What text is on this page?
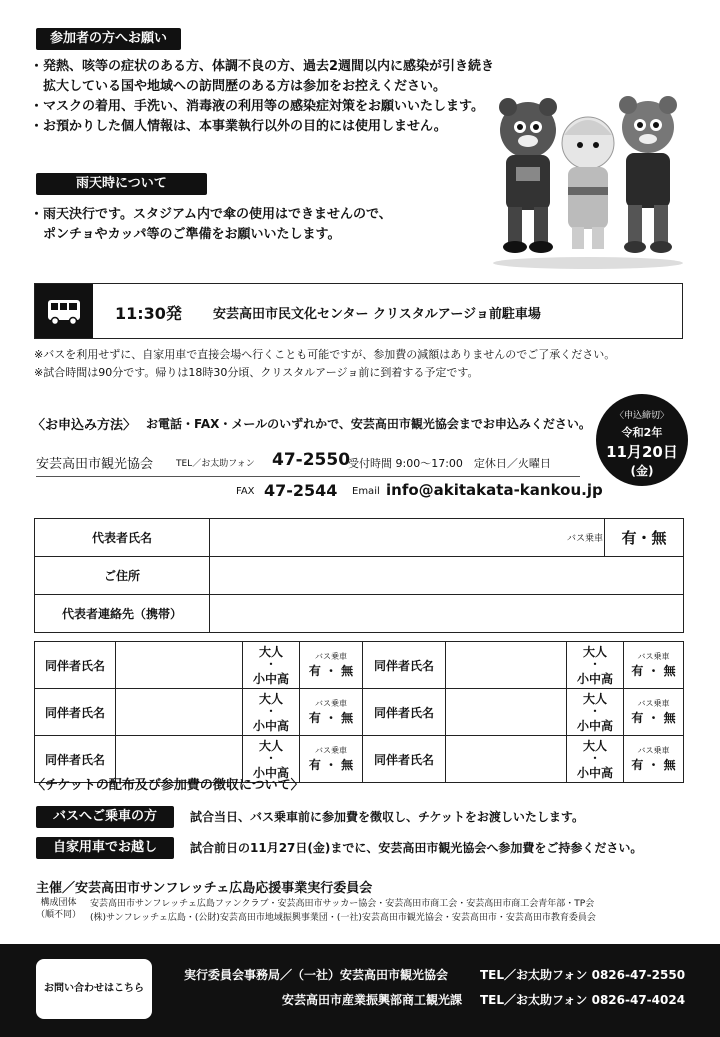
参加者の方へお願い
・発熱、咳等の症状のある方、体調不良の方、過去2週間以内に感染が引き続き
　拡大している国や地域への訪問歴のある方は参加をお控えください。
・マスクの着用、手洗い、消毒液の利用等の感染症対策をお願いいたします。
・お預かりした個人情報は、本事業執行以外の目的には使用しません。
雨天時について
・雨天決行です。スタジアム内で傘の使用はできませんので、
　ポンチョやカッパ等のご準備をお願いいたします。
11:30発 安芸高田市民文化センター クリスタルアージョ前駐車場
※バスを利用せずに、自家用車で直接会場へ行くことも可能ですが、参加費の減額はありませんのでご了承ください。
※試合時間は90分です。帰りは18時30分頃、クリスタルアージョ前に到着する予定です。
〈お申込み方法〉 お電話・FAX・メールのいずれかで、安芸高田市観光協会までお申込みください。
安芸高田市観光協会	TEL／お太助フォン 47-2550
受付時間 9:00〜17:00　定休日／火曜日
FAX 47-2544 Email info@akitakata-kankou.jp
〈申込締切〉
令和2年
11月20日
(金)
代表者氏名		バス乗車	有・無
ご住所			
代表者連絡先（携帯）			
同伴者氏名		大人
•
小中高	バス乗車
有 ・ 無	同伴者氏名		大人
•
小中高	バス乗車
有 ・ 無
同伴者氏名		大人
•
小中高	バス乗車
有 ・ 無	同伴者氏名		大人
•
小中高	バス乗車
有 ・ 無
同伴者氏名		大人
•
小中高	バス乗車
有 ・ 無	同伴者氏名		大人
•
小中高	バス乗車
有 ・ 無
〈チケットの配布及び参加費の徴収について〉
バスへご乗車の方	試合当日、バス乗車前に参加費を徴収し、チケットをお渡しいたします。
自家用車でお越しの方
試合前日の11月27日(金)までに、安芸高田市観光協会へ参加費をご持参ください。
主催／安芸高田市サンフレッチェ広島応援事業実行委員会
構成団体
（順不同）
安芸高田市サンフレッチェ広島ファンクラブ・安芸高田市サッカー協会・安芸高田市商工会・安芸高田市商工会青年部・TP会
(株)サンフレッチェ広島・(公財)安芸高田市地域振興事業団・(一社)安芸高田市観光協会・安芸高田市・安芸高田市教育委員会
お問い合わせはこちら
実行委員会事務局／（一社）安芸高田市観光協会	TEL／お太助フォン 0826-47-2550
安芸高田市産業振興部商工観光課 TEL／お太助フォン 0826-47-4024
